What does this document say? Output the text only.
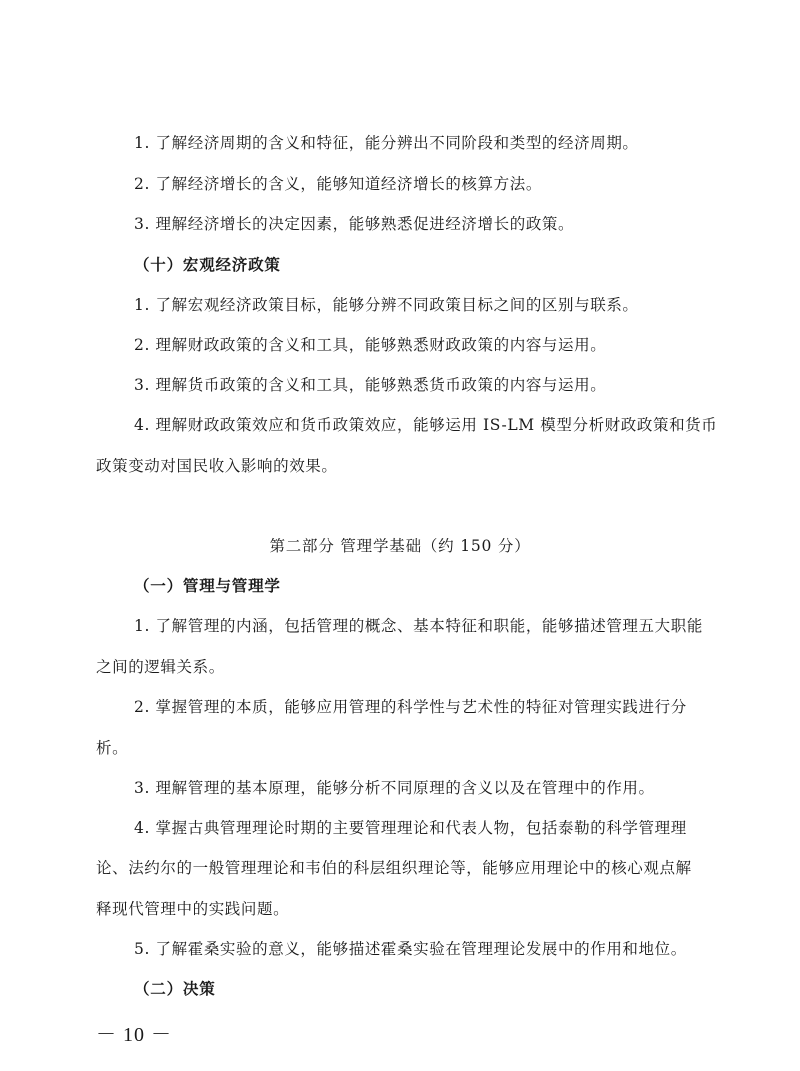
1. 了解经济周期的含义和特征，能分辨出不同阶段和类型的经济周期。
2. 了解经济增长的含义，能够知道经济增长的核算方法。
3. 理解经济增长的决定因素，能够熟悉促进经济增长的政策。
（十）宏观经济政策
1. 了解宏观经济政策目标，能够分辨不同政策目标之间的区别与联系。
2. 理解财政政策的含义和工具，能够熟悉财政政策的内容与运用。
3. 理解货币政策的含义和工具，能够熟悉货币政策的内容与运用。
4. 理解财政政策效应和货币政策效应，能够运用 IS-LM 模型分析财政政策和货币
政策变动对国民收入影响的效果。
第二部分 管理学基础（约 150 分）
（一）管理与管理学
1. 了解管理的内涵，包括管理的概念、基本特征和职能，能够描述管理五大职能
之间的逻辑关系。
2. 掌握管理的本质，能够应用管理的科学性与艺术性的特征对管理实践进行分
析。
3. 理解管理的基本原理，能够分析不同原理的含义以及在管理中的作用。
4. 掌握古典管理理论时期的主要管理理论和代表人物，包括泰勒的科学管理理
论、法约尔的一般管理理论和韦伯的科层组织理论等，能够应用理论中的核心观点解
释现代管理中的实践问题。
5. 了解霍桑实验的意义，能够描述霍桑实验在管理理论发展中的作用和地位。
（二）决策
－ 10 －
